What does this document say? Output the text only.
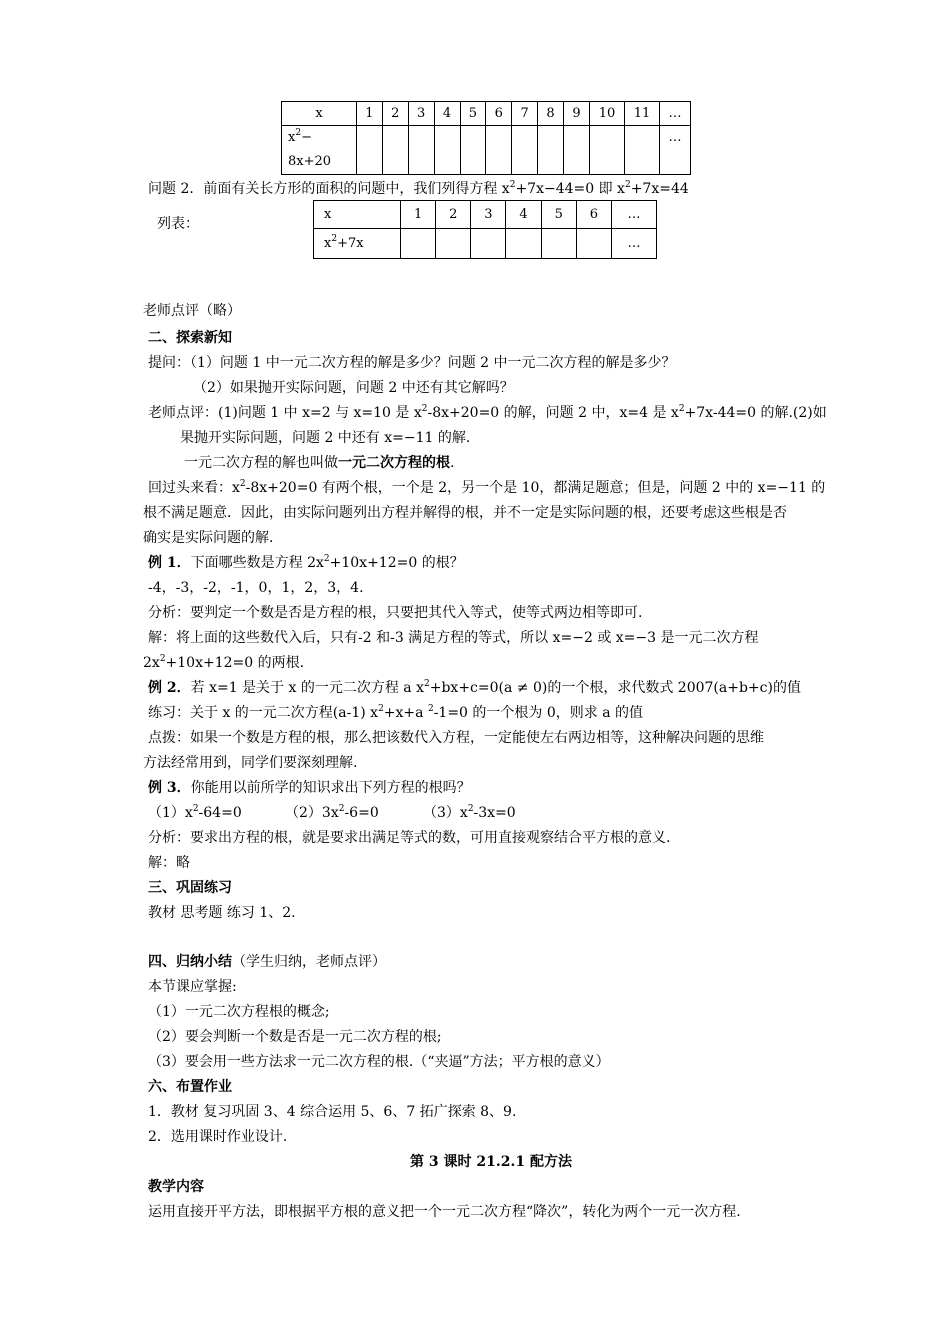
x	1	2	3	4	5	6	7	8	9	10	11	…
$x^2-$
8x+20												…
问题 2．前面有关长方形的面积的问题中，我们列得方程 $x^2+7x-44=0$ 即 $x^2+7x=44$
列表：
x	1	2	3	4	5	6	…
$x^2+7x$							…
老师点评（略）
二、探索新知
提问：（1）问题 1 中一元二次方程的解是多少？问题 2 中一元二次方程的解是多少？
（2）如果抛开实际问题，问题 2 中还有其它解吗？
老师点评：(1)问题 1 中 x=2 与 x=10 是 $x^2-8x+20=0$ 的解，问题 2 中，x=4 是 $x^2+7x-44=0$ 的解.(2)如
果抛开实际问题，问题 2 中还有 x=−11 的解.
一元二次方程的解也叫做一元二次方程的根.
回过头来看：$x^2-8x+20=0$ 有两个根，一个是 2，另一个是 10，都满足题意；但是，问题 2 中的 x=−11 的
根不满足题意．因此，由实际问题列出方程并解得的根，并不一定是实际问题的根，还要考虑这些根是否
确实是实际问题的解.
例 1．下面哪些数是方程 $2x^2+10x+12=0$ 的根？
-4，-3，-2，-1，0，1，2，3，4.
分析：要判定一个数是否是方程的根，只要把其代入等式，使等式两边相等即可.
解：将上面的这些数代入后，只有-2 和-3 满足方程的等式，所以 x=−2 或 x=−3 是一元二次方程
$2x^2+10x+12=0$ 的两根.
例 2．若 x=1 是关于 x 的一元二次方程 a $x^2+bx+c=0(a \ne 0)$的一个根，求代数式 2007(a+b+c)的值
练习：关于 x 的一元二次方程(a-1) $x^2+x+a$ $^2$-1=0 的一个根为 0，则求 a 的值
点拨：如果一个数是方程的根，那么把该数代入方程，一定能使左右两边相等，这种解决问题的思维
方法经常用到，同学们要深刻理解.
例 3．你能用以前所学的知识求出下列方程的根吗？
$(1)x^2-64=0$	$(2)3x^2-6=0$	$(3)x^2-3x=0$
分析：要求出方程的根，就是要求出满足等式的数，可用直接观察结合平方根的意义.
解：略
三、巩固练习
教材 思考题 练习 1、2.
四、归纳小结（学生归纳，老师点评）
本节课应掌握:
（1）一元二次方程根的概念;
（2）要会判断一个数是否是一元二次方程的根;
（3）要会用一些方法求一元二次方程的根.（“夹逼”方法；平方根的意义）
六、布置作业
1．教材 复习巩固 3、4 综合运用 5、6、7 拓广探索 8、9.
2．选用课时作业设计.
第 3 课时 21.2.1 配方法
教学内容
运用直接开平方法，即根据平方根的意义把一个一元二次方程“降次”，转化为两个一元一次方程.
